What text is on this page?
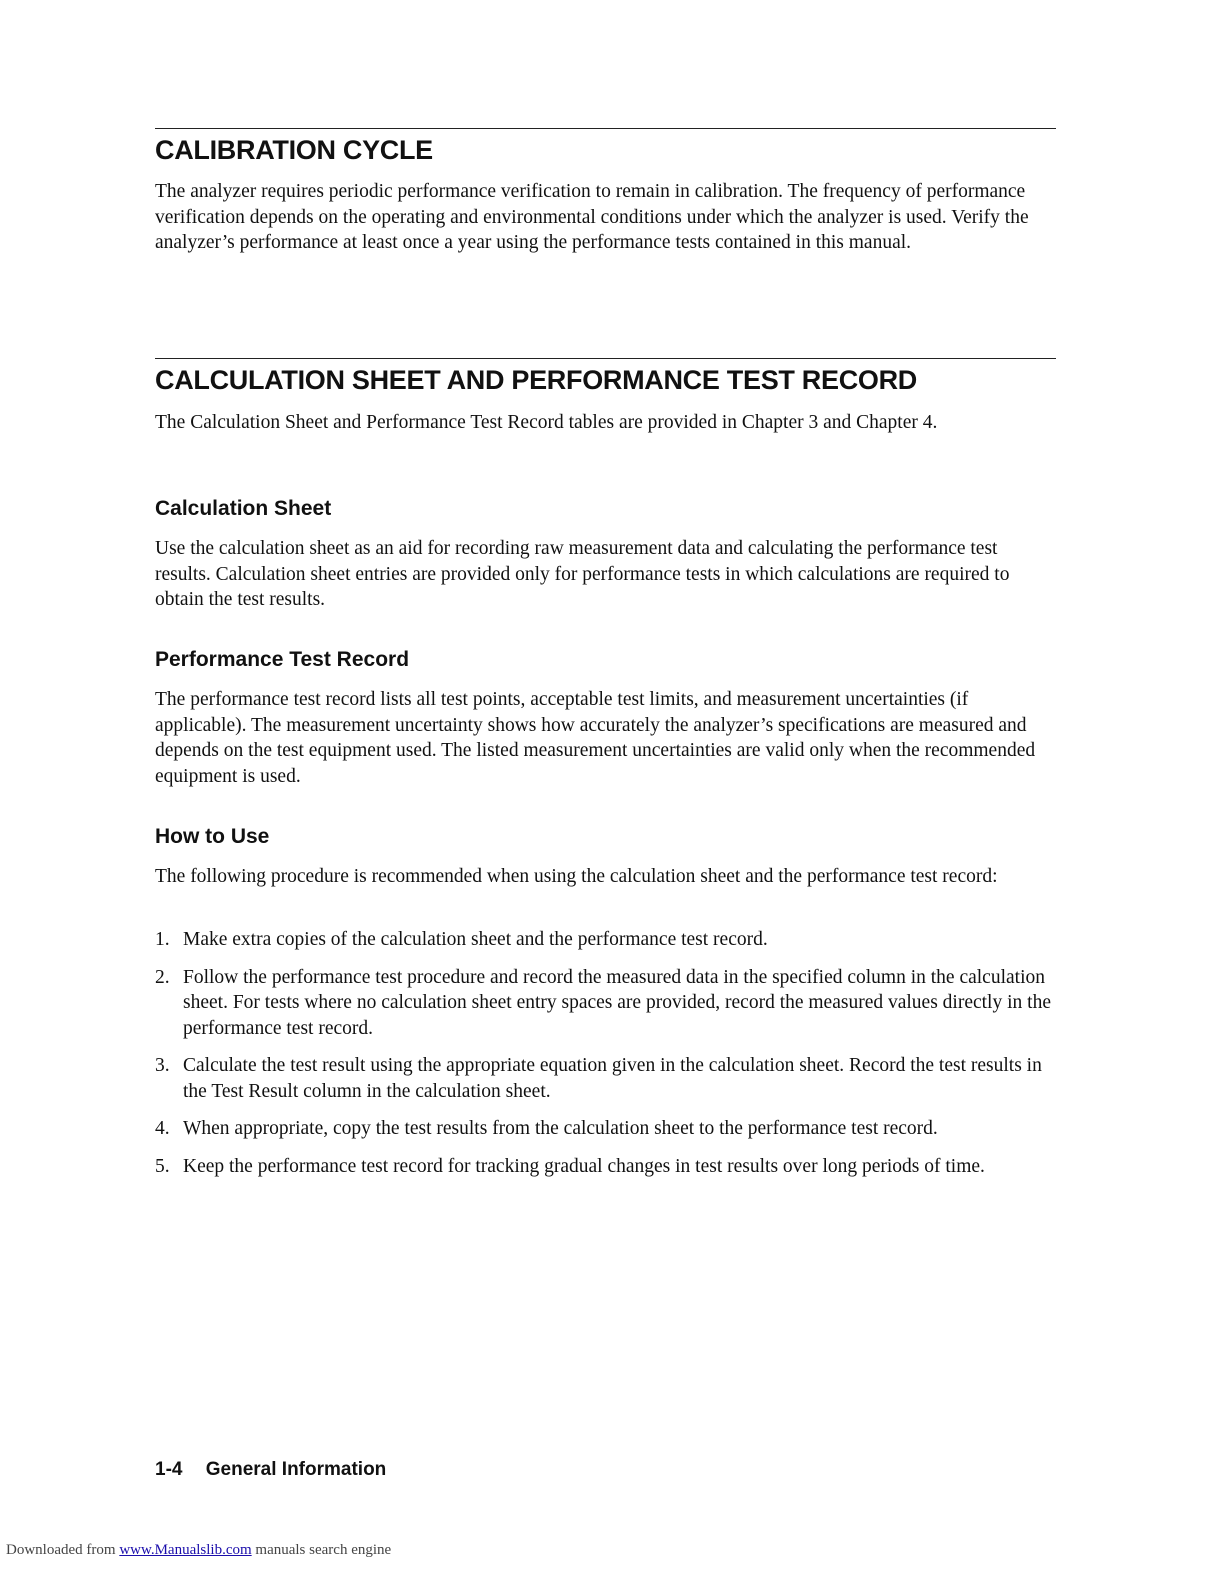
CALIBRATION CYCLE

The analyzer requires periodic performance verification to remain in calibration. The frequency of performance verification depends on the operating and environmental conditions under which the analyzer is used. Verify the analyzer’s performance at least once a year using the performance tests contained in this manual.

CALCULATION SHEET AND PERFORMANCE TEST RECORD

The Calculation Sheet and Performance Test Record tables are provided in Chapter 3 and Chapter 4.

Calculation Sheet

Use the calculation sheet as an aid for recording raw measurement data and calculating the performance test results. Calculation sheet entries are provided only for performance tests in which calculations are required to obtain the test results.

Performance Test Record

The performance test record lists all test points, acceptable test limits, and measurement uncertainties (if applicable). The measurement uncertainty shows how accurately the analyzer’s specifications are measured and depends on the test equipment used. The listed measurement uncertainties are valid only when the recommended equipment is used.

How to Use

The following procedure is recommended when using the calculation sheet and the performance test record:

1. Make extra copies of the calculation sheet and the performance test record.
2. Follow the performance test procedure and record the measured data in the specified column in the calculation sheet. For tests where no calculation sheet entry spaces are provided, record the measured values directly in the performance test record.
3. Calculate the test result using the appropriate equation given in the calculation sheet. Record the test results in the Test Result column in the calculation sheet.
4. When appropriate, copy the test results from the calculation sheet to the performance test record.
5. Keep the performance test record for tracking gradual changes in test results over long periods of time.
1-4 General Information
Downloaded from www.Manualslib.com manuals search engine
